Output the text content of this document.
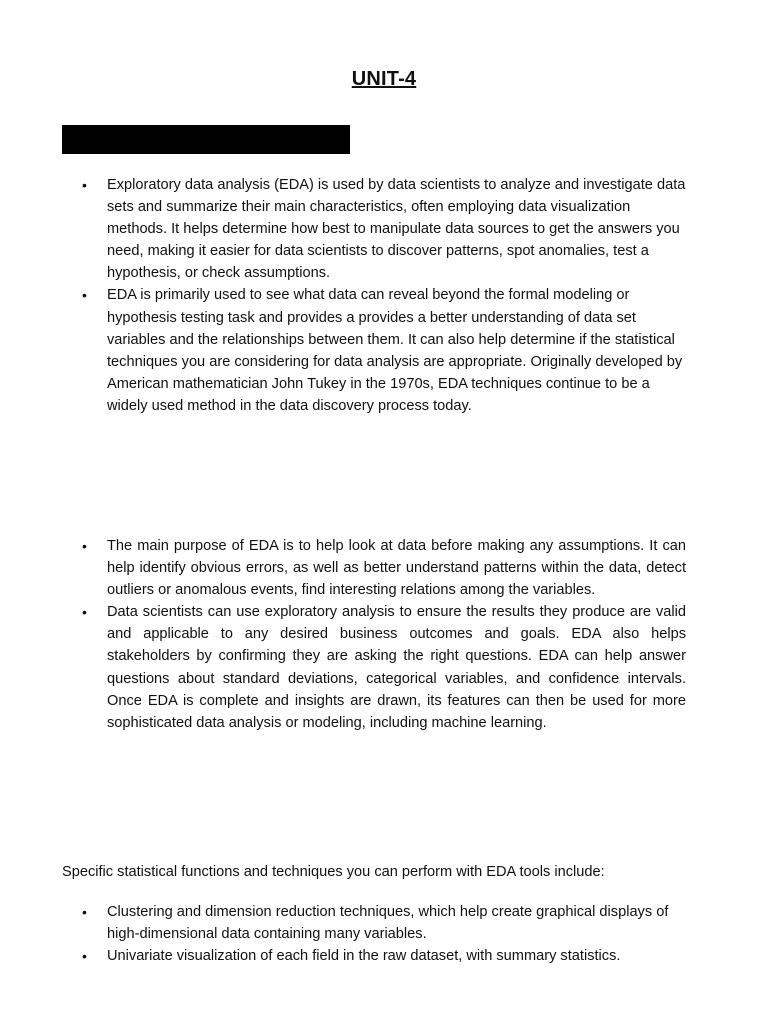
UNIT-4
• Exploratory data analysis (EDA) is used by data scientists to analyze and investigate data sets and summarize their main characteristics, often employing data visualization methods. It helps determine how best to manipulate data sources to get the answers you need, making it easier for data scientists to discover patterns, spot anomalies, test a hypothesis, or check assumptions.
• EDA is primarily used to see what data can reveal beyond the formal modeling or hypothesis testing task and provides a provides a better understanding of data set variables and the relationships between them. It can also help determine if the statistical techniques you are considering for data analysis are appropriate. Originally developed by American mathematician John Tukey in the 1970s, EDA techniques continue to be a widely used method in the data discovery process today.
• The main purpose of EDA is to help look at data before making any assumptions. It can help identify obvious errors, as well as better understand patterns within the data, detect outliers or anomalous events, find interesting relations among the variables.
• Data scientists can use exploratory analysis to ensure the results they produce are valid and applicable to any desired business outcomes and goals. EDA also helps stakeholders by confirming they are asking the right questions. EDA can help answer questions about standard deviations, categorical variables, and confidence intervals. Once EDA is complete and insights are drawn, its features can then be used for more sophisticated data analysis or modeling, including machine learning.
Specific statistical functions and techniques you can perform with EDA tools include:
• Clustering and dimension reduction techniques, which help create graphical displays of high-dimensional data containing many variables.
• Univariate visualization of each field in the raw dataset, with summary statistics.
